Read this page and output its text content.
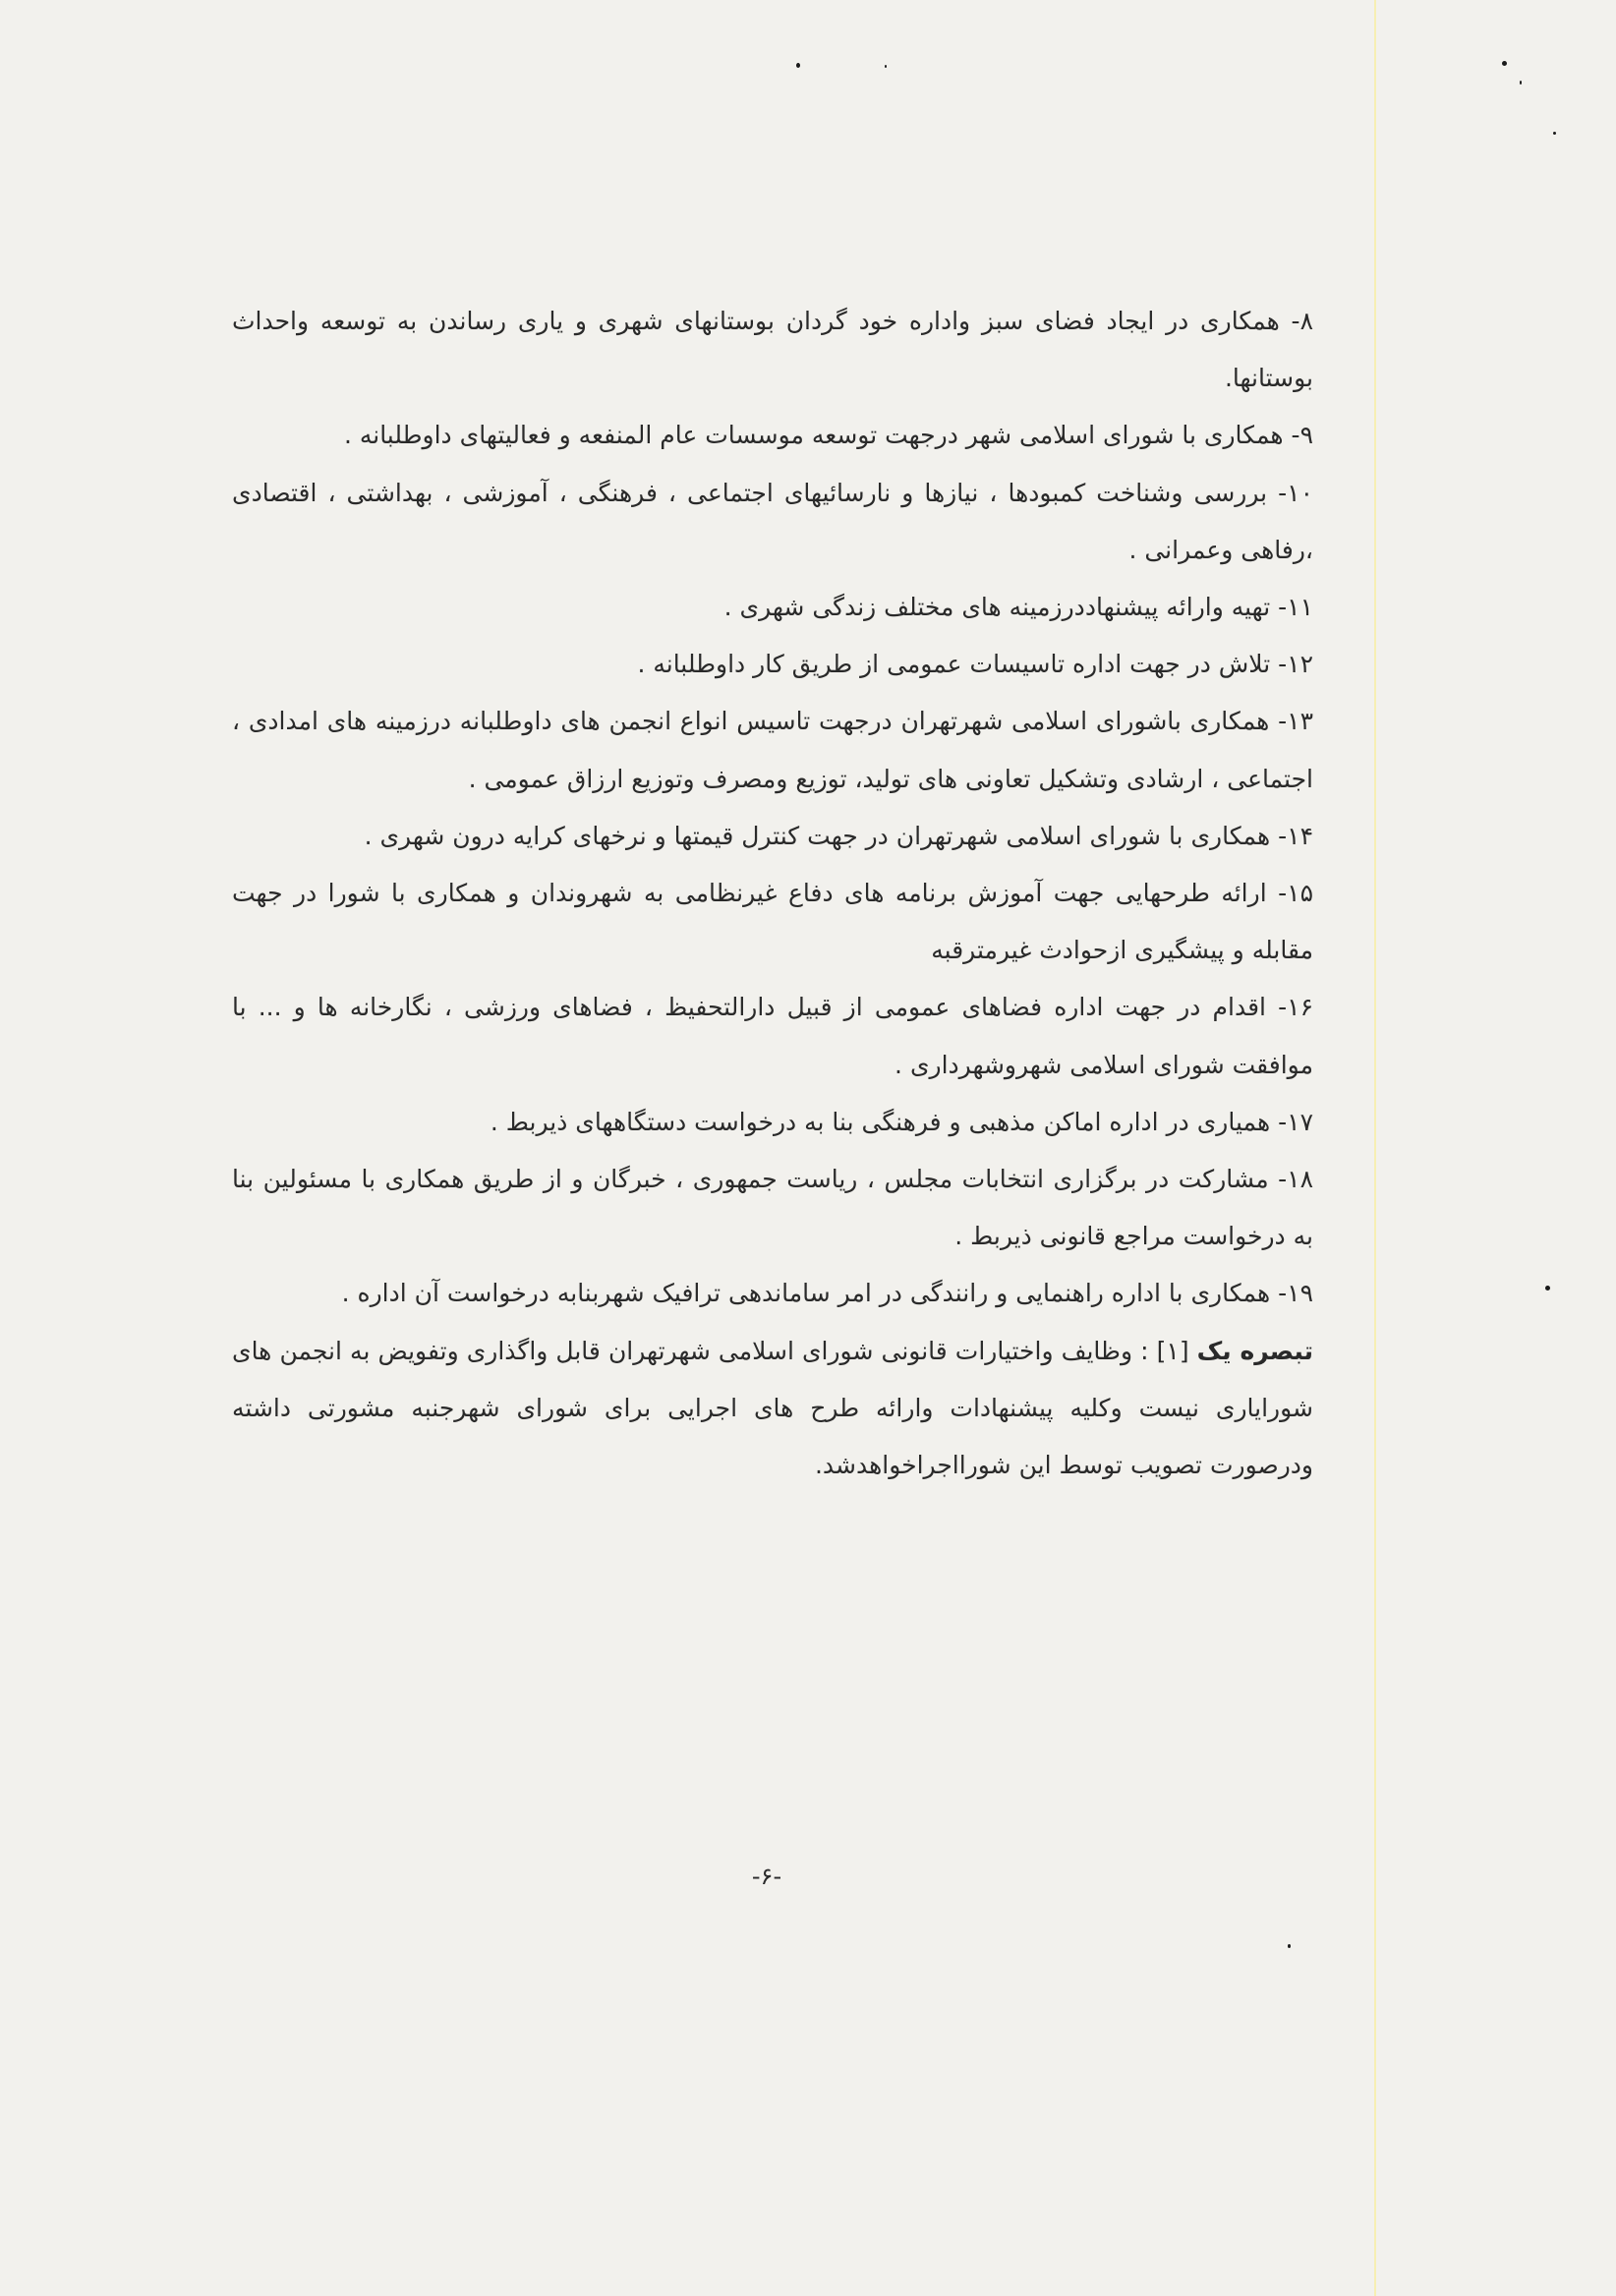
۸- همکاری در ایجاد فضای سبز واداره خود گردان بوستانهای شهری و یاری رساندن به توسعه واحداث بوستانها.

۹- همکاری با شورای اسلامی شهر درجهت توسعه موسسات عام المنفعه و فعالیتهای داوطلبانه .

۱۰- بررسی وشناخت کمبودها ، نیازها و نارسائیهای اجتماعی ، فرهنگی ، آموزشی ، بهداشتی ، اقتصادی ،رفاهی وعمرانی .

۱۱- تهیه وارائه پیشنهاددرزمینه های مختلف زندگی شهری .

۱۲- تلاش در جهت اداره تاسیسات عمومی از طریق کار داوطلبانه .

۱۳- همکاری باشورای اسلامی شهرتهران درجهت تاسیس انواع انجمن های داوطلبانه درزمینه های امدادی ، اجتماعی ، ارشادی وتشکیل تعاونی های تولید، توزیع ومصرف وتوزیع ارزاق عمومی .

۱۴- همکاری با شورای اسلامی شهرتهران در جهت کنترل قیمتها و نرخهای کرایه درون شهری .

۱۵- ارائه طرحهایی جهت آموزش برنامه های دفاع غیرنظامی به شهروندان و همکاری با شورا در جهت مقابله و پیشگیری ازحوادث غیرمترقبه

۱۶- اقدام در جهت اداره فضاهای عمومی از قبیل دارالتحفیظ ، فضاهای ورزشی ، نگارخانه ها و ... با موافقت شورای اسلامی شهروشهرداری .

۱۷- همیاری در اداره اماکن مذهبی و فرهنگی بنا به درخواست دستگاههای ذیربط .

۱۸- مشارکت در برگزاری انتخابات مجلس ، ریاست جمهوری ، خبرگان و از طریق همکاری با مسئولین بنا به درخواست مراجع قانونی ذیربط .

۱۹- همکاری با اداره راهنمایی و رانندگی در امر ساماندهی ترافیک شهربنابه درخواست آن اداره .

تبصره یک [۱] : وظایف واختیارات قانونی شورای اسلامی شهرتهران قابل واگذاری وتفویض به انجمن های شورایاری نیست وکلیه پیشنهادات وارائه طرح های اجرایی برای شورای شهرجنبه مشورتی داشته ودرصورت تصویب توسط این شورااجراخواهدشد.

-۶-
